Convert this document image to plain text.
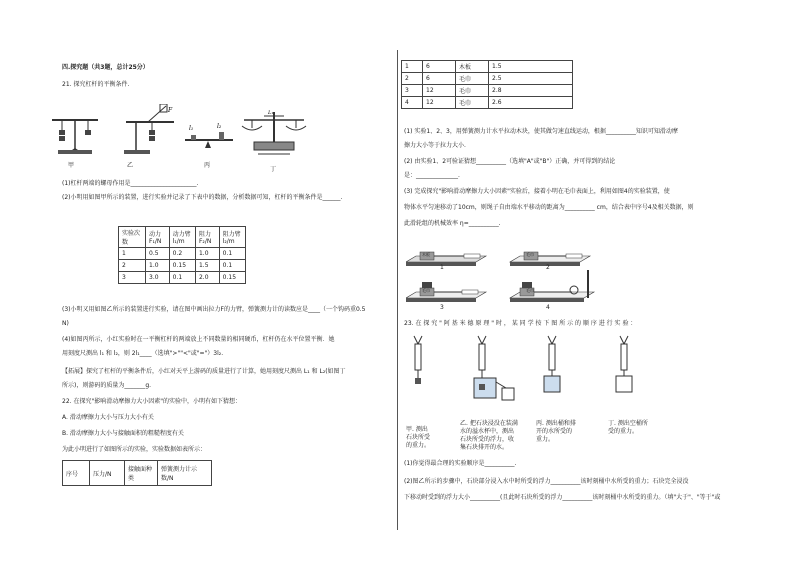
四.探究题（共3题，总计25分）
21. 探究杠杆的平衡条件.
甲
F
乙
l₁	l₂
丙
L₁
丁
(1)杠杆两端的螺母作用是______________________.
(2)小明用如图甲所示的装置，进行实验并记录了下表中的数据，分析数据可知，杠杆的平衡条件是______.
实验次数	动力F₁/N	动力臂l₁/m	阻力F₂/N	阻力臂l₂/m
1	0.5	0.2	1.0	0.1
2	1.0	0.15	1.5	0.1
3	3.0	0.1	2.0	0.15
(3)小明又用如图乙所示的装置进行实验，请在图中画出拉力F的力臂，弹簧测力计的读数应是____（一个钩码重0.5
N)
(4)如图丙所示，小红实验时在一平衡杠杆的两端放上不同数量的相同硬币，杠杆仍在水平位置平衡．她
用刻度尺测出 l₁ 和 l₂，则 2l₁____（选填">""<"或"="）3l₂.
【拓展】探究了杠杆的平衡条件后，小红对天平上游码的质量进行了计算，她用刻度尺测出 L₁ 和 L₂(如图丁
所示)，则游码的质量为_______g.
22. 在探究"影响滑动摩擦力大小因素"的实验中，小明有如下猜想：
A. 滑动摩擦力大小与压力大小有关
B. 滑动摩擦力大小与接触面积的粗糙程度有关
为此小明进行了如图所示的实验，实验数据如表所示：
序号	压力/N	接触面种类	弹簧测力计示数/N
1	6	木板	1.5
2	6	毛巾	2.5
3	12	毛巾	2.8
4	12	毛巾	2.6
(1) 实验1、2、3，用弹簧测力计水平拉动木块，使其做匀速直线运动，根据__________知识可知滑动摩
擦力大小等于拉力大小.
(2) 由实验1、2可验证猜想__________（选填"A"或"B"）正确，并可得到的结论
是：______________.
(3) 完成探究"影响滑动摩擦力大小因素"实验后，接着小明在毛巾表面上，利用如图4的实验装置，使
物体水平匀速移动了10cm，则绳子自由端水平移动的距离为__________ cm，结合表中序号4及相关数据，则
此滑轮组的机械效率 η=__________.
1	2
3	4
木板	毛巾
毛巾	毛巾
23. 在 探 究 " 阿 基 米 德 原 理 " 时 ， 某 同 学 按 下 图 所 示 的 顺 序 进 行 实 验 ：
甲. 测出
石块所受
的重力。
乙. 把石块浸没在装满
水的溢水杯中，测出
石块所受的浮力，收
集石块排开的水。
丙. 测出桶和排
开的水所受的
重力。
丁. 测出空桶所
受的重力。
(1)你觉得最合理的实验顺序是__________.
(2)图乙所示的步骤中，石块部分浸入水中时所受的浮力__________该时刻桶中水所受的重力；石块完全浸没
下移动时受到的浮力大小__________(且此时石块所受的浮力__________该时刻桶中水所受的重力。（填"大于"、"等于"或
